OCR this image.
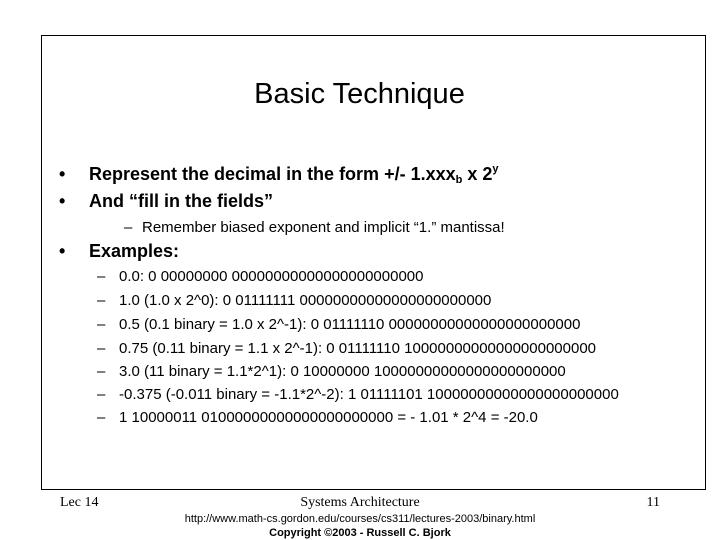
Basic Technique
• Represent the decimal in the form +/- 1.xxx$_b$ x 2$^y$
• And “fill in the fields”
– Remember biased exponent and implicit “1.” mantissa!
• Examples:
– 0.0: 0 00000000 00000000000000000000000
– 1.0 (1.0 x 2^0): 0 01111111 00000000000000000000000
– 0.5 (0.1 binary = 1.0 x 2^-1): 0 01111110 00000000000000000000000
– 0.75 (0.11 binary = 1.1 x 2^-1): 0 01111110 10000000000000000000000
– 3.0 (11 binary = 1.1*2^1): 0 10000000 10000000000000000000000
– -0.375 (-0.011 binary = -1.1*2^-2): 1 01111101 10000000000000000000000
– 1 10000011 01000000000000000000000 = - 1.01 * 2^4 = -20.0
Lec 14	Systems Architecture	11
http://www.math-cs.gordon.edu/courses/cs311/lectures-2003/binary.html
Copyright ©2003 - Russell C. Bjork
